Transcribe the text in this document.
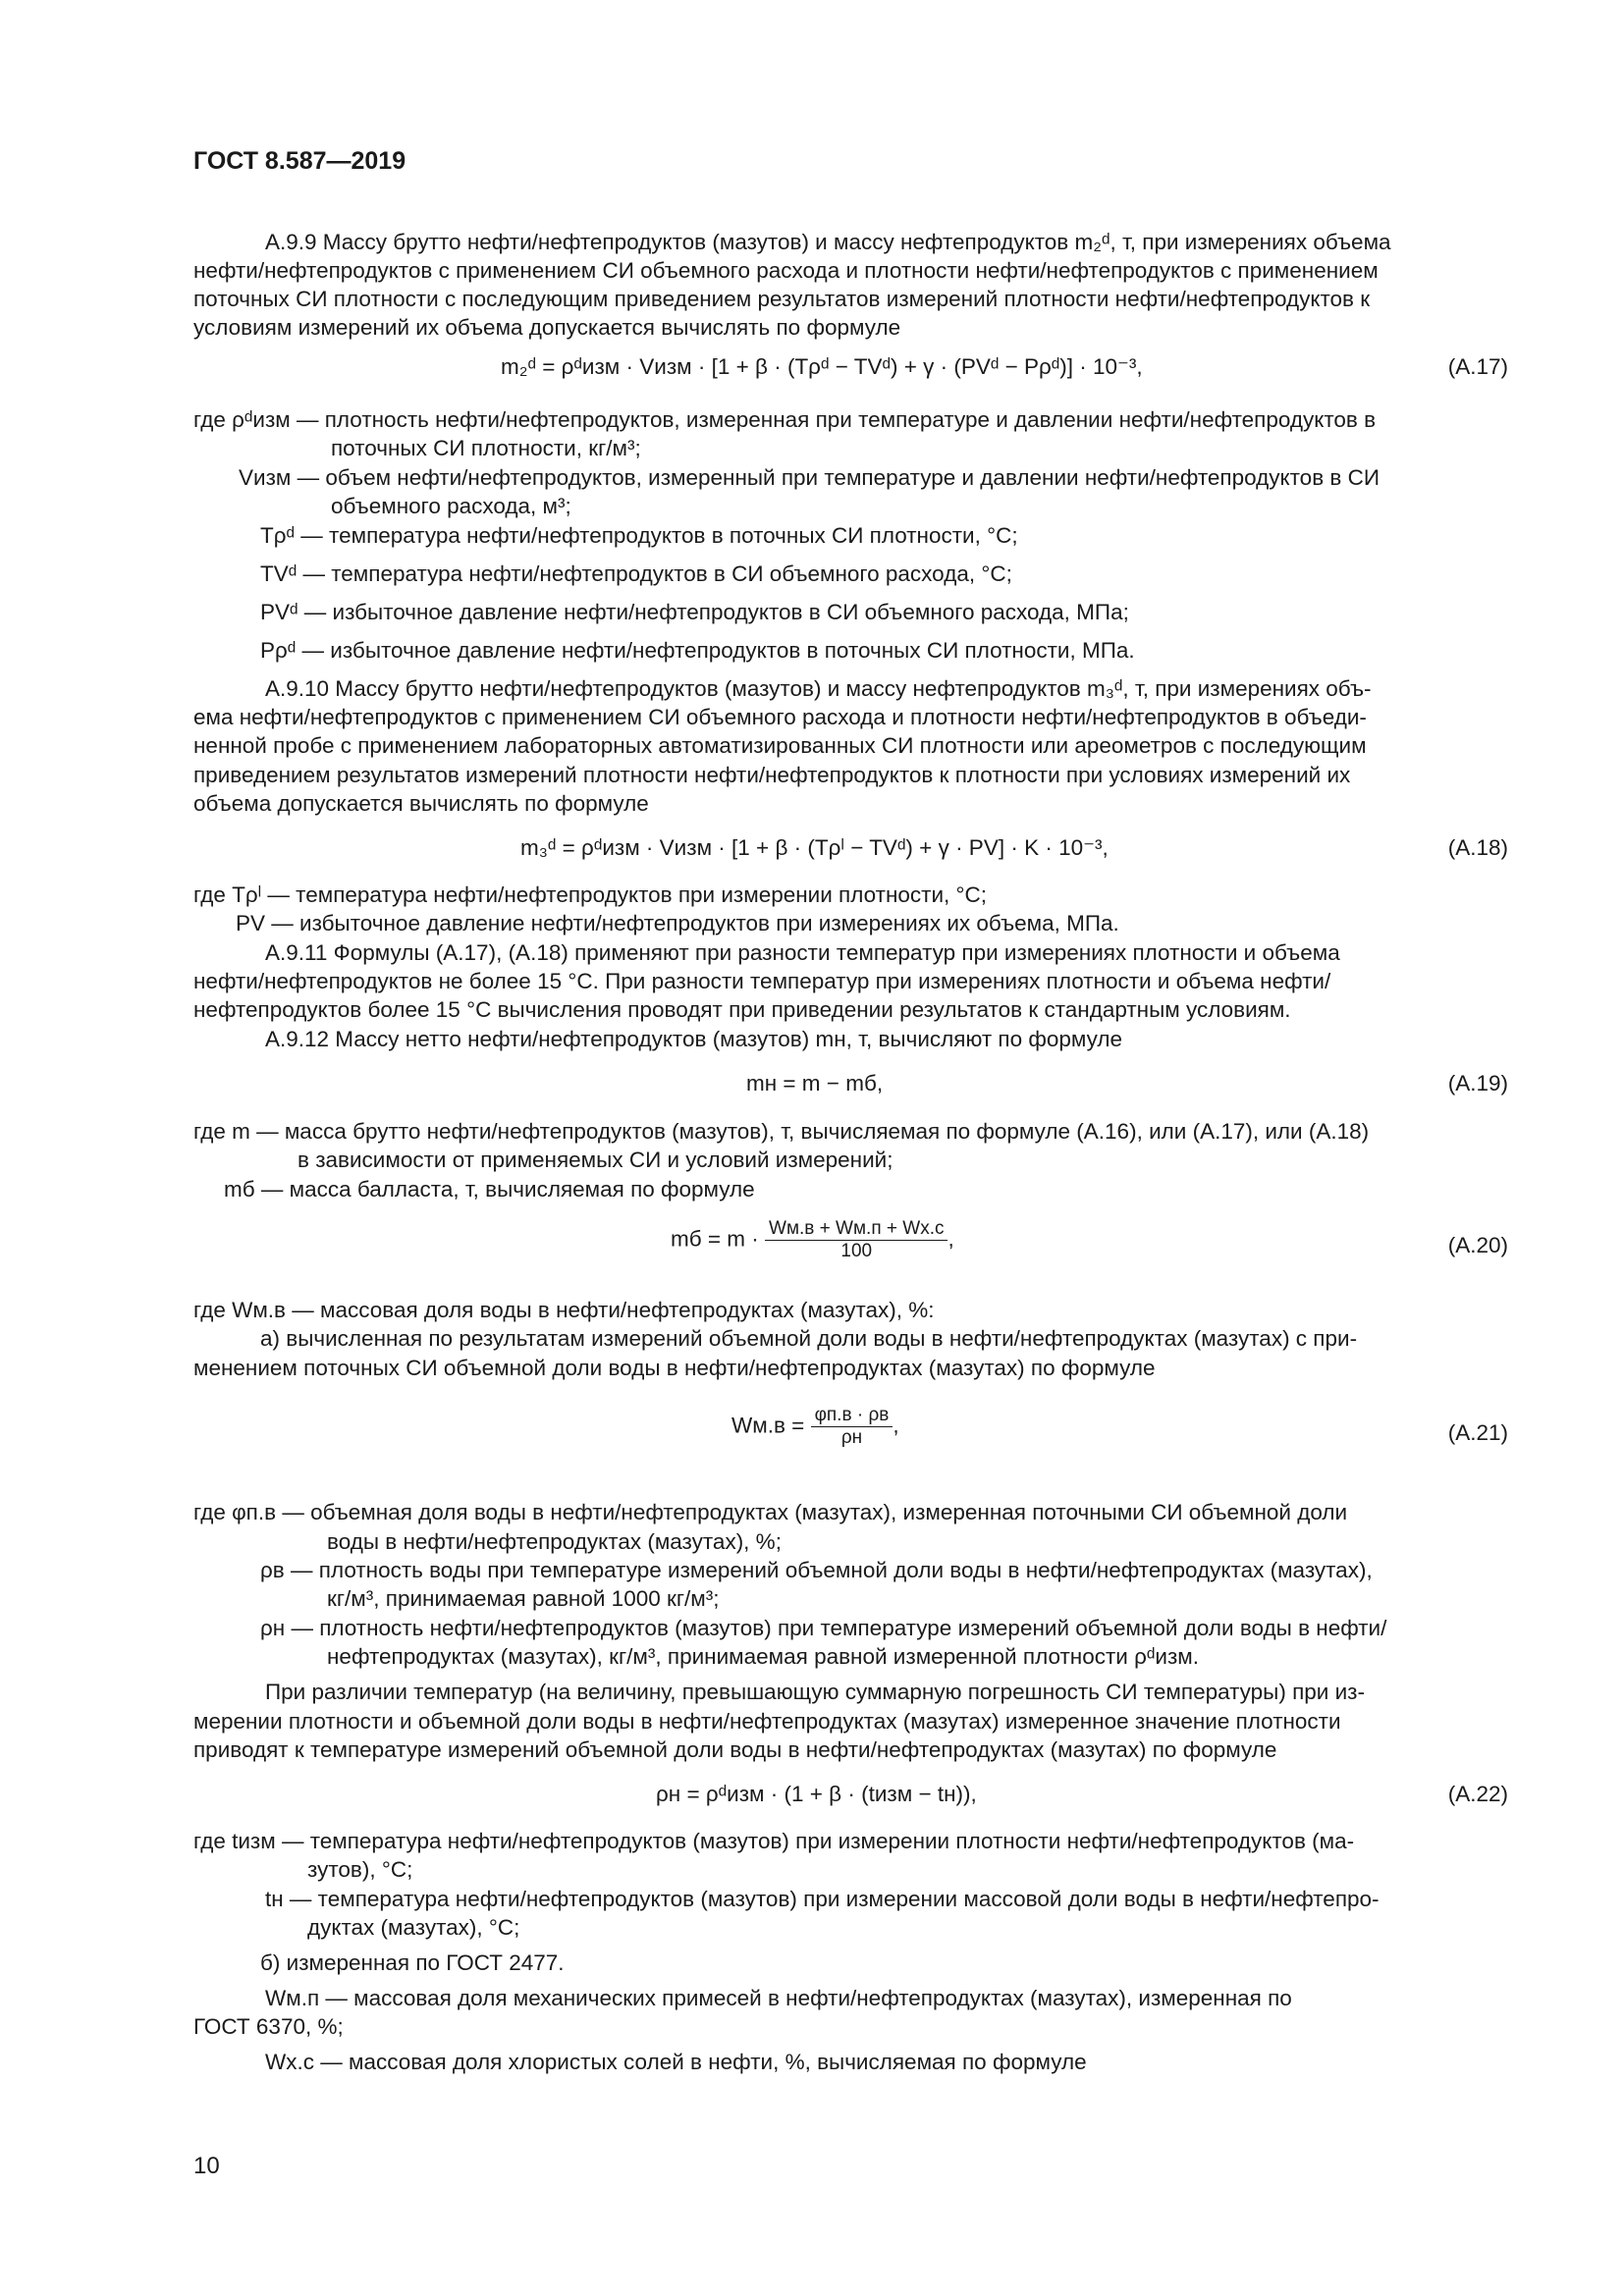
ГОСТ 8.587—2019
A.9.9 Массу брутто нефти/нефтепродуктов (мазутов) и массу нефтепродуктов m₂ᵈ, т, при измерениях объема
нефти/нефтепродуктов с применением СИ объемного расхода и плотности нефти/нефтепродуктов с применением
поточных СИ плотности с последующим приведением результатов измерений плотности нефти/нефтепродуктов к
условиям измерений их объема допускается вычислять по формуле
m₂ᵈ = ρᵈизм · Vизм · [1 + β · (Tρᵈ − TVᵈ) + γ · (PVᵈ − Pρᵈ)] · 10⁻³,	(A.17)
где ρᵈизм — плотность нефти/нефтепродуктов, измеренная при температуре и давлении нефти/нефтепродуктов в
поточных СИ плотности, кг/м³;
Vизм — объем нефти/нефтепродуктов, измеренный при температуре и давлении нефти/нефтепродуктов в СИ
объемного расхода, м³;
Tρᵈ — температура нефти/нефтепродуктов в поточных СИ плотности, °С;
TVᵈ — температура нефти/нефтепродуктов в СИ объемного расхода, °С;
PVᵈ — избыточное давление нефти/нефтепродуктов в СИ объемного расхода, МПа;
Pρᵈ — избыточное давление нефти/нефтепродуктов в поточных СИ плотности, МПа.
A.9.10 Массу брутто нефти/нефтепродуктов (мазутов) и массу нефтепродуктов m₃ᵈ, т, при измерениях объ-
ема нефти/нефтепродуктов с применением СИ объемного расхода и плотности нефти/нефтепродуктов в объеди-
ненной пробе с применением лабораторных автоматизированных СИ плотности или ареометров с последующим
приведением результатов измерений плотности нефти/нефтепродуктов к плотности при условиях измерений их
объема допускается вычислять по формуле
m₃ᵈ = ρᵈизм · Vизм · [1 + β · (Tρˡ − TVᵈ) + γ · PV] · K · 10⁻³,	(A.18)
где Tρˡ — температура нефти/нефтепродуктов при измерении плотности, °С;
PV — избыточное давление нефти/нефтепродуктов при измерениях их объема, МПа.
A.9.11 Формулы (А.17), (А.18) применяют при разности температур при измерениях плотности и объема
нефти/нефтепродуктов не более 15 °С. При разности температур при измерениях плотности и объема нефти/
нефтепродуктов более 15 °С вычисления проводят при приведении результатов к стандартным условиям.
A.9.12 Массу нетто нефти/нефтепродуктов (мазутов) mн, т, вычисляют по формуле
mн = m − mб,	(A.19)
где m — масса брутто нефти/нефтепродуктов (мазутов), т, вычисляемая по формуле (А.16), или (А.17), или (А.18)
в зависимости от применяемых СИ и условий измерений;
mб — масса балласта, т, вычисляемая по формуле
mб = $m \cdot \frac{Wм.в + Wм.п + Wх.с}{100}$ ,	(A.20)
где Wм.в — массовая доля воды в нефти/нефтепродуктах (мазутах), %:
а) вычисленная по результатам измерений объемной доли воды в нефти/нефтепродуктах (мазутах) с при-
менением поточных СИ объемной доли воды в нефти/нефтепродуктах (мазутах) по формуле
$Wм.в = \frac{\varphi п.в \cdot \rho в}{\rho н}$ ,	(A.21)
где φп.в — объемная доля воды в нефти/нефтепродуктах (мазутах), измеренная поточными СИ объемной доли
воды в нефти/нефтепродуктах (мазутах), %;
ρв — плотность воды при температуре измерений объемной доли воды в нефти/нефтепродуктах (мазутах),
кг/м³, принимаемая равной 1000 кг/м³;
ρн — плотность нефти/нефтепродуктов (мазутов) при температуре измерений объемной доли воды в нефти/
нефтепродуктах (мазутах), кг/м³, принимаемая равной измеренной плотности ρᵈизм.
При различии температур (на величину, превышающую суммарную погрешность СИ температуры) при из-
мерении плотности и объемной доли воды в нефти/нефтепродуктах (мазутах) измеренное значение плотности
приводят к температуре измерений объемной доли воды в нефти/нефтепродуктах (мазутах) по формуле
ρн = ρᵈизм · (1 + β · (tизм − tн)),	(A.22)
где tизм — температура нефти/нефтепродуктов (мазутов) при измерении плотности нефти/нефтепродуктов (ма-
зутов), °С;
tн — температура нефти/нефтепродуктов (мазутов) при измерении массовой доли воды в нефти/нефтепро-
дуктах (мазутах), °С;
б) измеренная по ГОСТ 2477.
Wм.п — массовая доля механических примесей в нефти/нефтепродуктах (мазутах), измеренная по
ГОСТ 6370, %;
Wх.с — массовая доля хлористых солей в нефти, %, вычисляемая по формуле
10
